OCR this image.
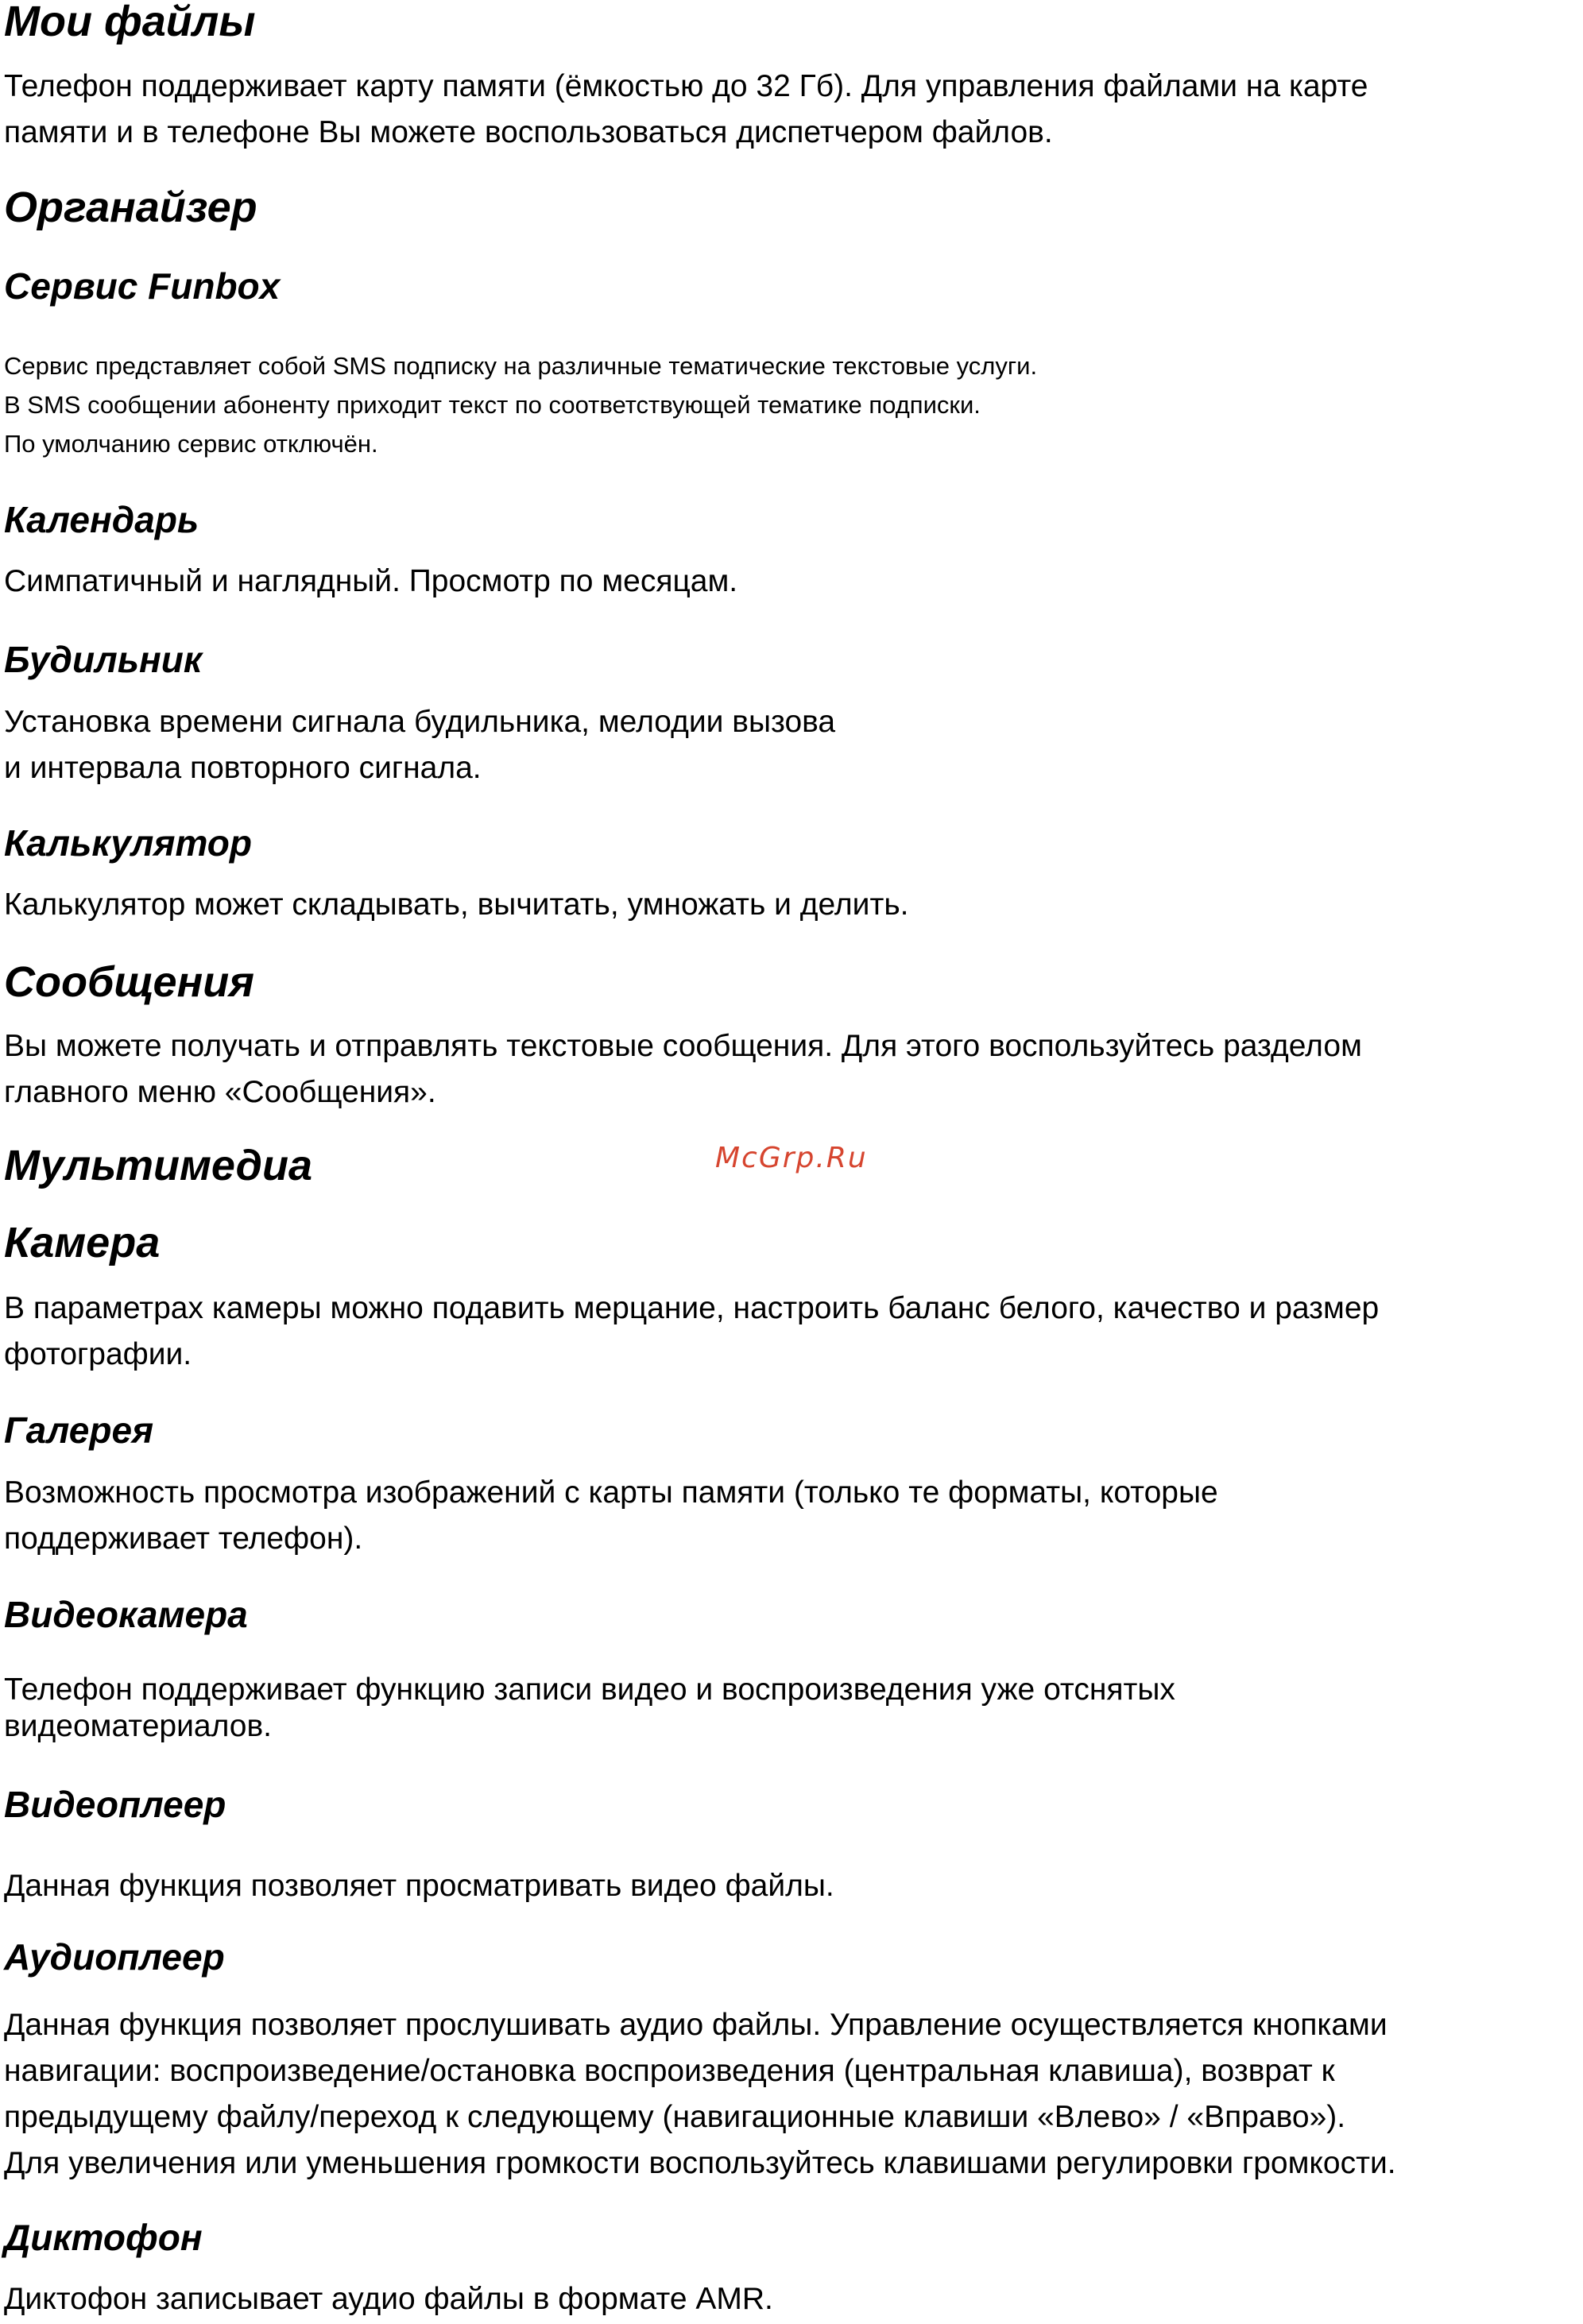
Мои файлы

Телефон поддерживает карту памяти (ёмкостью до 32 Гб). Для управления файлами на карте
памяти и в телефоне Вы можете воспользоваться диспетчером файлов.

Органайзер
Сервис Funbox

Сервис представляет собой SMS подписку на различные тематические текстовые услуги.
В SMS сообщении абоненту приходит текст по соответствующей тематике подписки.
По умолчанию сервис отключён.

Календарь

Симпатичный и наглядный. Просмотр по месяцам.

Будильник

Установка времени сигнала будильника, мелодии вызова
и интервала повторного сигнала.

Калькулятор

Калькулятор может складывать, вычитать, умножать и делить.

Сообщения

Вы можете получать и отправлять текстовые сообщения. Для этого воспользуйтесь разделом
главного меню «Сообщения».

Мультимедиа	McGrp.Ru
Камера

В параметрах камеры можно подавить мерцание, настроить баланс белого, качество и размер
фотографии.

Галерея

Возможность просмотра изображений с карты памяти (только те форматы, которые
поддерживает телефон).

Видеокамера

Телефон поддерживает функцию записи видео и воспроизведения уже отснятых
видеоматериалов.

Видеоплеер

Данная функция позволяет просматривать видео файлы.

Аудиоплеер

Данная функция позволяет прослушивать аудио файлы. Управление осуществляется кнопками
навигации: воспроизведение/остановка воспроизведения (центральная клавиша), возврат к
предыдущему файлу/переход к следующему (навигационные клавиши «Влево» / «Вправо»).
Для увеличения или уменьшения громкости воспользуйтесь клавишами регулировки громкости.

Диктофон

Диктофон записывает аудио файлы в формате AMR.
